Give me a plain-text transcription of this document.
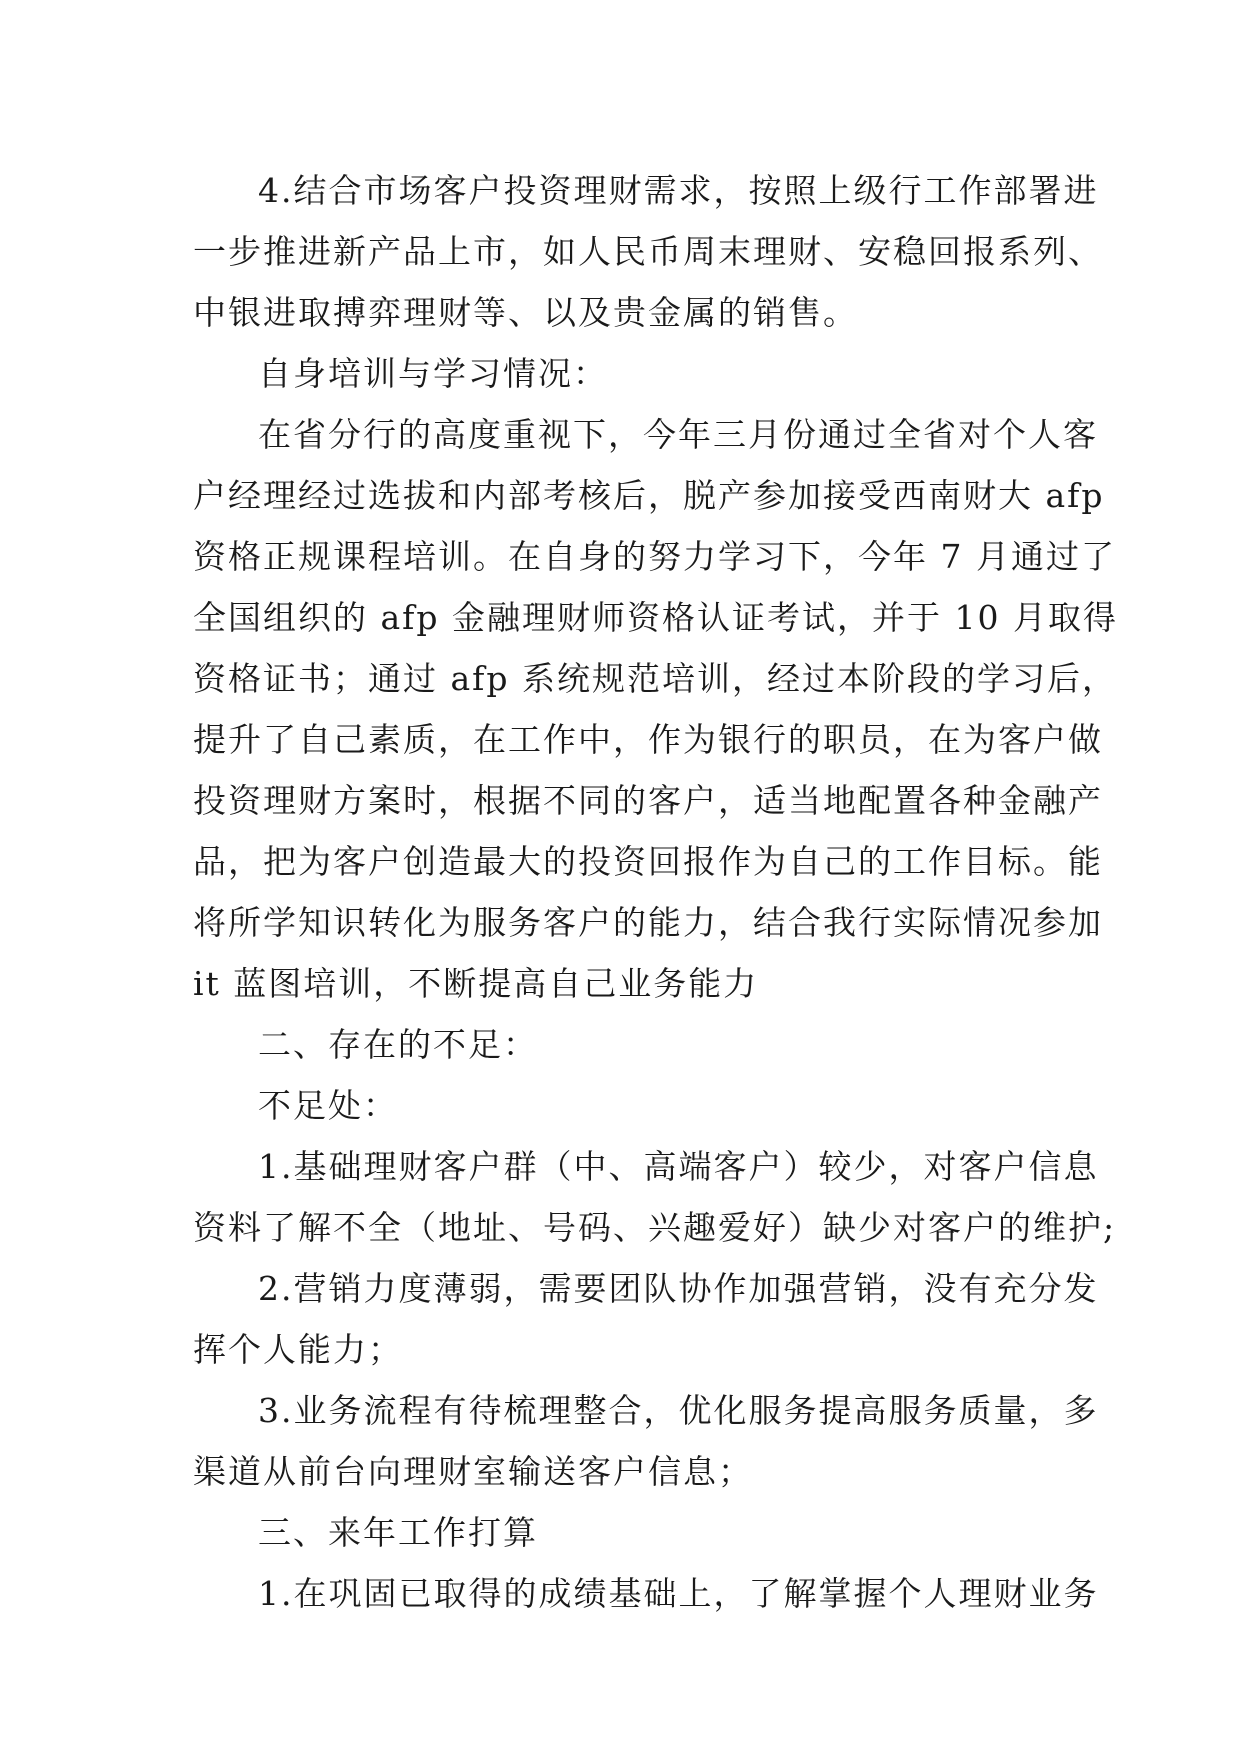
4.结合市场客户投资理财需求，按照上级行工作部署进
一步推进新产品上市，如人民币周末理财、安稳回报系列、
中银进取搏弈理财等、以及贵金属的销售。
自身培训与学习情况：
在省分行的高度重视下，今年三月份通过全省对个人客
户经理经过选拔和内部考核后，脱产参加接受西南财大 afp
资格正规课程培训。在自身的努力学习下，今年 7 月通过了
全国组织的 afp 金融理财师资格认证考试，并于 10 月取得
资格证书；通过 afp 系统规范培训，经过本阶段的学习后，
提升了自己素质，在工作中，作为银行的职员，在为客户做
投资理财方案时，根据不同的客户，适当地配置各种金融产
品，把为客户创造最大的投资回报作为自己的工作目标。能
将所学知识转化为服务客户的能力，结合我行实际情况参加
it 蓝图培训，不断提高自己业务能力
二、存在的不足：
不足处：
1.基础理财客户群（中、高端客户）较少，对客户信息
资料了解不全（地址、号码、兴趣爱好）缺少对客户的维护;
2.营销力度薄弱，需要团队协作加强营销，没有充分发
挥个人能力；
3.业务流程有待梳理整合，优化服务提高服务质量，多
渠道从前台向理财室输送客户信息；
三、来年工作打算
1.在巩固已取得的成绩基础上，了解掌握个人理财业务
